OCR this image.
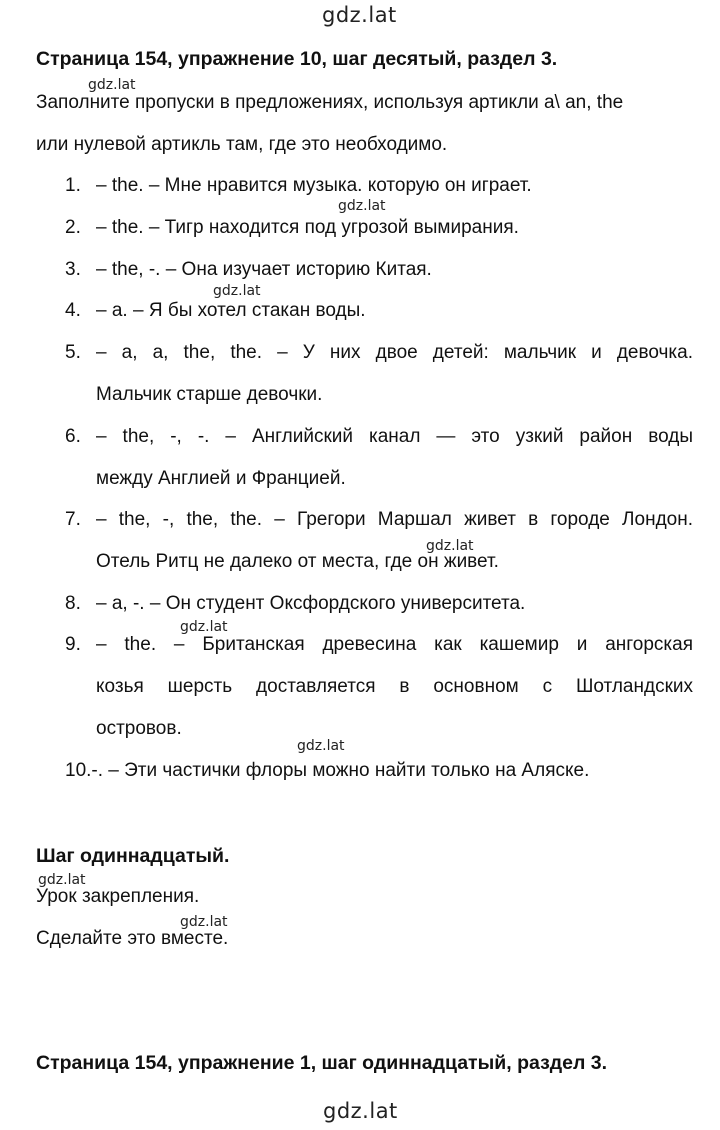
gdz.lat
gdz.lat
gdz.lat
gdz.lat
gdz.lat
gdz.lat
gdz.lat
gdz.lat
gdz.lat
gdz.lat
Страница 154, упражнение 10, шаг десятый, раздел 3.
Заполните пропуски в предложениях, используя артикли a\ an, the
или нулевой артикль там, где это необходимо.
1. – the. – Мне нравится музыка. которую он играет.
2. – the. – Тигр находится под угрозой вымирания.
3. – the, -. – Она изучает историю Китая.
4. – a. – Я бы хотел стакан воды.
5. – a, a, the, the. – У них двое детей: мальчик и девочка.
Мальчик старше девочки.
6. – the, -, -. – Английский канал — это узкий район воды
между Англией и Францией.
7. – the, -, the, the. – Грегори Маршал живет в городе Лондон.
Отель Ритц не далеко от места, где он живет.
8. – a, -. – Он студент Оксфордского университета.
9. – the. – Британская древесина как кашемир и ангорская
козья шерсть доставляется в основном с Шотландских
островов.
10.-. – Эти частички флоры можно найти только на Аляске.
Шаг одиннадцатый.
Урок закрепления.
Сделайте это вместе.
Страница 154, упражнение 1, шаг одиннадцатый, раздел 3.
